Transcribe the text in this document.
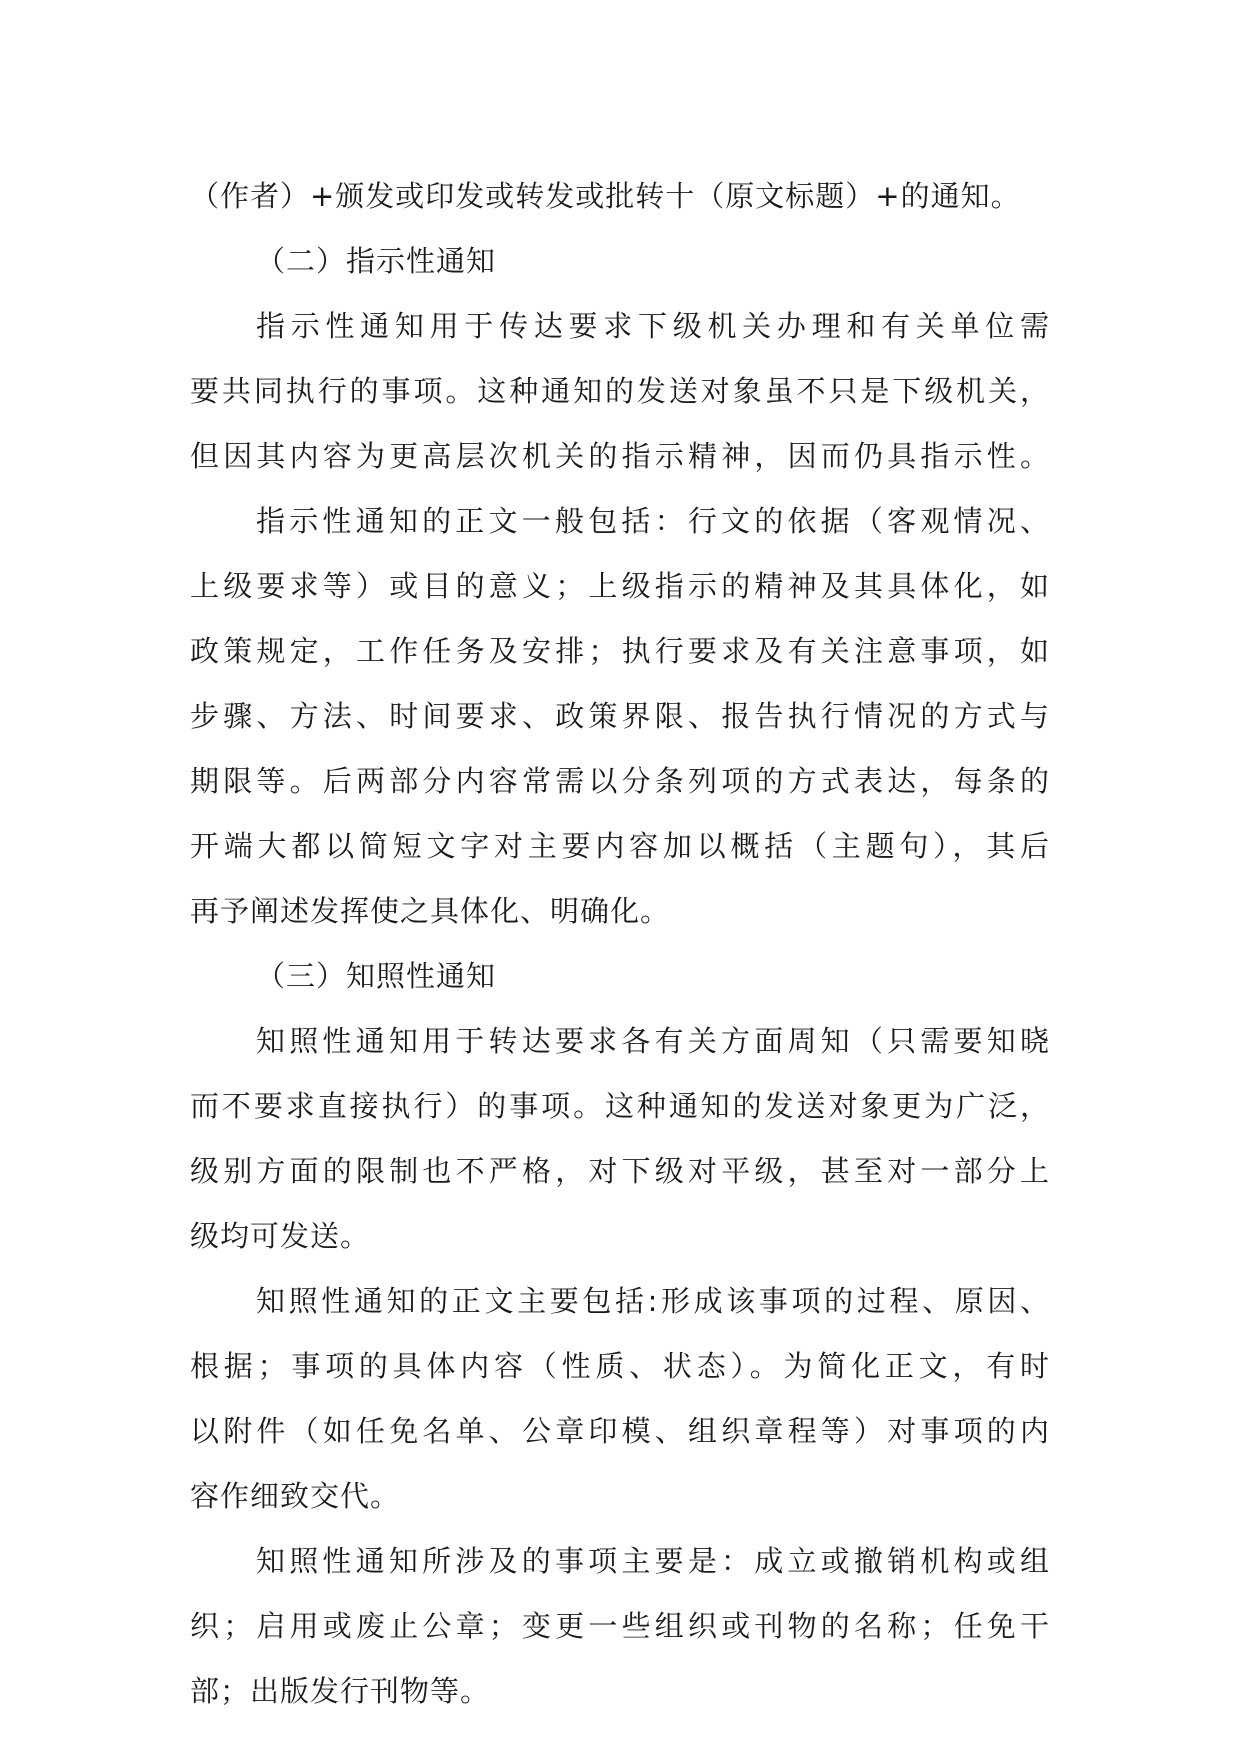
（作者）+颁发或印发或转发或批转十（原文标题）+的通知。
（二）指示性通知
指示性通知用于传达要求下级机关办理和有关单位需
要共同执行的事项。这种通知的发送对象虽不只是下级机关，
但因其内容为更高层次机关的指示精神，因而仍具指示性。
指示性通知的正文一般包括：行文的依据（客观情况、
上级要求等）或目的意义；上级指示的精神及其具体化，如
政策规定，工作任务及安排；执行要求及有关注意事项，如
步骤、方法、时间要求、政策界限、报告执行情况的方式与
期限等。后两部分内容常需以分条列项的方式表达，每条的
开端大都以简短文字对主要内容加以概括（主题句），其后
再予阐述发挥使之具体化、明确化。
（三）知照性通知
知照性通知用于转达要求各有关方面周知（只需要知晓
而不要求直接执行）的事项。这种通知的发送对象更为广泛，
级别方面的限制也不严格，对下级对平级，甚至对一部分上
级均可发送。
知照性通知的正文主要包括:形成该事项的过程、原因、
根据；事项的具体内容（性质、状态）。为简化正文，有时
以附件（如任免名单、公章印模、组织章程等）对事项的内
容作细致交代。
知照性通知所涉及的事项主要是：成立或撤销机构或组
织；启用或废止公章；变更一些组织或刊物的名称；任免干
部；出版发行刊物等。
